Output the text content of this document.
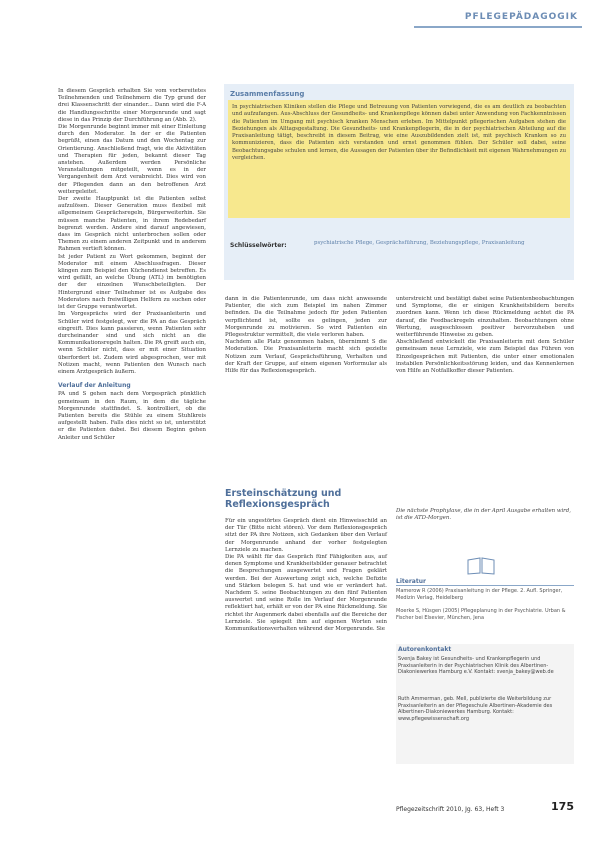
PFLEGEPÄDAGOGIK

In diesem Gespräch erhalten Sie vom vorbereitetes Teilnehmenden und Teilnehmern die Typ grund der drei Klassenschritt der einander... Dann wird die F-A die Handlungsschritte einer Morgenrunde und sagt diese in das Prinzip der Durchführung an (Abb. 2).

Die Morgenrunde beginnt immer mit einer Einleitung durch den Moderator. In der er die Patienten begrüßt, einen das Datum und den Wochentag zur Orientierung. Anschließend fragt, wie die Aktivitäten und Therapien für jeden, bekannt dieser Tag anstehen. Außerdem werden Persönliche Veranstaltungen mitgeteilt, wenn es in der Vergangenheit dem Arzt verabreicht. Dies wird von der Pflegenden dann an den betroffenen Arzt weitergeleitet.

Der zweite Hauptpunkt ist die Patienten selbst aufzulösen. Dieser Generation muss flexibel mit allgemeinem Gesprächsregeln, Bürgerweiterhin. Sie müssen manche Patienten, in ihrem Redebedarf begrenzt werden. Andere sind darauf angewiesen, dass im Gespräch nicht unterbrochen sollen oder Themen zu einem anderen Zeitpunkt und in anderem Rahmen vertieft können.

Ist jeder Patient zu Wort gekommen, beginnt der Moderator mit einem Abschlussfragen. Dieser klingen zum Beispiel den Küchendienst betreffen. Es wird gefällt, an welche Übung (ATL) im benötigten der der einzelnen Wunschbeteiligten. Der Hintergrund einer Teilnehmer ist es Aufgabe des Moderators nach freiwilligen Helfern zu suchen oder ist der Gruppe verantwortet.

Im Vorgesprächs wird der Praxisanleiterin und Schüler wird festgelegt, wer die PA an das Gespräch eingreift. Dies kann passieren, wenn Patienten sehr durcheinander sind und sich nicht an die Kommunikationsregeln halten. Die PA greift auch ein, wenn Schüler nicht, dass er mit einer Situation überfordert ist. Zudem wird abgesprochen, wer mit Notizen macht, wenn Patienten den Wunsch nach einem Arztgespräch äußern.

Verlauf der Anleitung

PA und S gehen nach dem Vorgespräch pünktlich gemeinsam in den Raum, in dem die tägliche Morgenrunde stattfindet. S. kontrolliert, ob die Patienten bereits die Stühle zu einem Stuhlkreis aufgestellt haben. Falls dies nicht so ist, unterstützt er die Patienten dabei. Bei diesem Beginn gehen Anleiter und Schüler

Zusammenfassung
In psychiatrischen Kliniken stellen die Pflege und Betreuung von Patienten vorwiegend, die es am deutlich zu beobachten und aufzufangen. Aus-Abschluss der Gesundheits- und Krankenpflege können dabei unter Anwendung von Fachkenntnissen die Patienten im Umgang mit psychisch kranken Menschen erleben. Im Mittelpunkt pflegerischen Aufgaben stehen die Beziehungen als Alltagsgestaltung. Die Gesundheits- und Krankenpflegerin, die in der psychiatrischen Abteilung auf die Praxisanleitung tätigt, beschreibt in diesem Beitrag, wie eine Auszubildenden zielt ist, mit psychisch Kranken so zu kommunizieren, dass die Patienten sich verstanden und ernst genommen fühlen. Der Schüler soll dabei, seine Beobachtungsgabe schulen und lernen, die Aussagen der Patienten über ihr Befindlichkeit mit eigenen Wahrnehmungen zu vergleichen.
Schlüsselwörter:	psychiatrische Pflege, Gesprächsführung, Beziehungspflege, Praxisanleitung

dann in die Patientenrunde, um dass nicht anwesende Patienter, die sich zum Beispiel im nahen Zimmer befinden. Da die Teilnahme jedoch für jeden Patienten verpflichtend ist, sollte es gelingen, jeden zur Morgenrunde zu motivieren. So wird Patienten ein Pflegestruktur vermittelt, die viele verloren haben.

Nachdem alle Platz genommen haben, übernimmt S die Moderation. Die Praxisanleiterin macht sich gezielte Notizen zum Verlauf, Gesprächsführung, Verhalten und der Kraft der Gruppe, auf einem eigenen Vorformular als Hilfe für das Reflexionsgespräch.

Ersteinschätzung und Reflexionsgespräch

Für ein ungestörtes Gespräch dient ein Hinweisschild an der Tür (Bitte nicht stören). Vor dem Reflexionsgespräch sitzt der PA ihre Notizen, sich Gedanken über den Verlauf der Morgenrunde anhand der vorher festgelegten Lernziele zu machen.

Die PA wählt für das Gespräch fünf Fähigkeiten aus, auf denen Symptome und Krankheitsbilder genauer betrachtet die Besprechungen ausgewertet und Fragen geklärt werden. Bei der Auswertung zeigt sich, welche Defizite und Stärken belegen S. hat und wie er verändert hat. Nachdem S. seine Beobachtungen zu den fünf Patienten auswertet und seine Rolle im Verlauf der Morgenrunde reflektiert hat, erhält er von der PA eine Rückmeldung. Sie richtet ihr Augenmerk dabei ebenfalls auf die Bereiche der Lernziele. Sie spiegelt ihm auf eigenen Worten sein Kommunikationsverhalten während der Morgenrunde. Sie

unterstreicht und bestätigt dabei seine Patientenbeobachtungen und Symptome, die er einigen Krankheitsbildern bereits zuordnen kann. Wenn ich diese Rückmeldung achtet die PA darauf, die Feedbackregeln einzuhalten. Beobachtungen ohne Wertung, ausgeschlossen positiver hervorzuheben und weiterführende Hinweise zu geben.

Abschließend entwickelt die Praxisanleiterin mit dem Schüler gemeinsam neue Lernziele, wie zum Beispiel das Führen von Einzelgesprächen mit Patienten, die unter einer emotionalen instabilen Persönlichkeitsstörung leiden, und das Kennenlernen von Hilfe an Notfallkoffer dieser Patienten.

Die nächste Prophylaxe, die in der April Ausgabe erhalten wird, ist die ATD-Morgen.
Literatur
Mamerow R (2006) Praxisanleitung in der Pflege. 2. Aufl. Springer, Medizin Verlag, Heidelberg
Moerke S, Hüsgen (2005) Pflegeplanung in der Psychiatrie. Urban & Fischer bei Elsevier, München, Jena
Autorenkontakt
Svenja Bakey ist Gesundheits- und Krankenpflegerin und Praxisanleiterin in der Psychiatrischen Klinik des Albertinen-Diakoniewerkes Hamburg e.V. Kontakt: svenja_bakey@web.de
Ruth Ammerman, geb. Mell, publizierte die Weiterbildung zur Praxisanleiterin an der Pflegeschule Albertinen-Akademie des Albertinen-Diakoniewerkes Hamburg. Kontakt: www.pflegewissenschaft.org
Pflegezeitschrift 2010, Jg. 63, Heft 3	175
